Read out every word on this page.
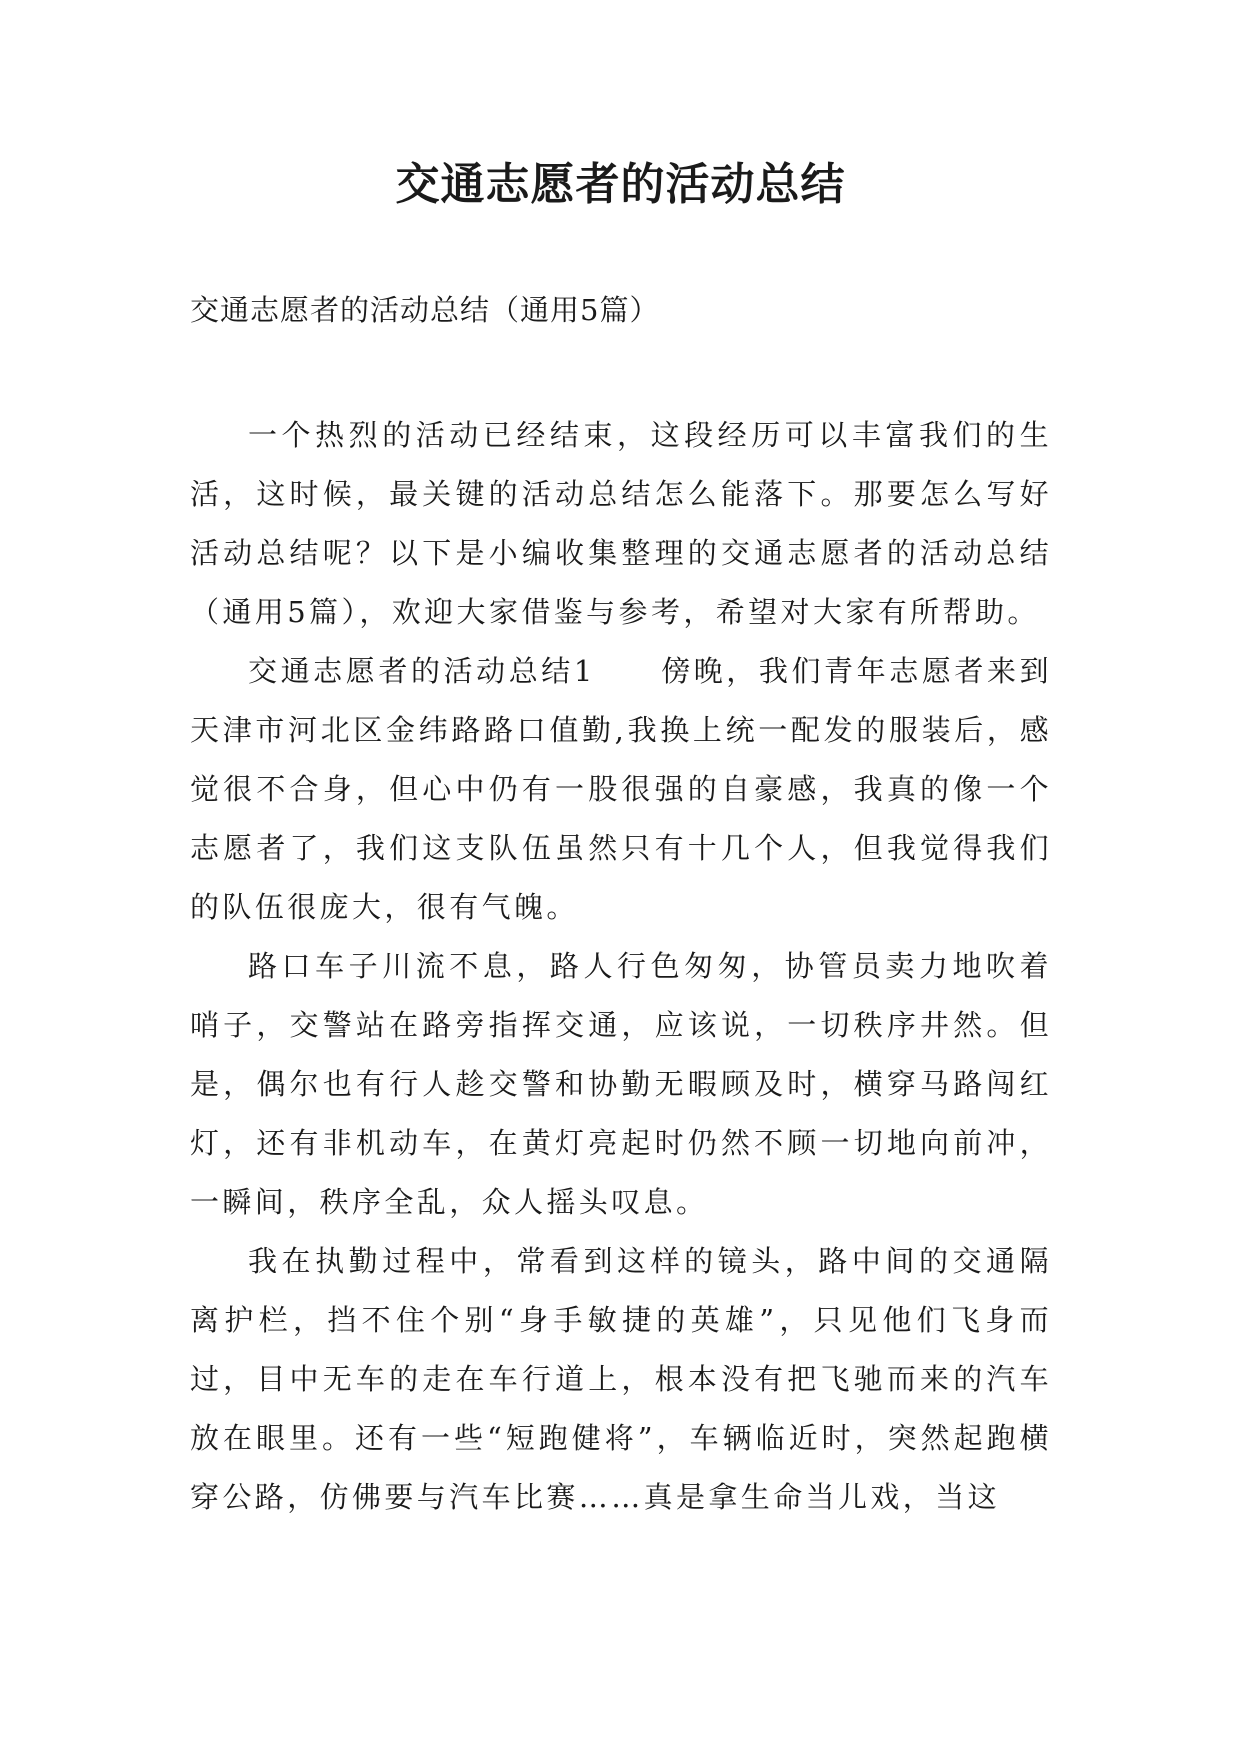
交通志愿者的活动总结
交通志愿者的活动总结（通用5篇）

一个热烈的活动已经结束，这段经历可以丰富我们的生活，这时候，最关键的活动总结怎么能落下。那要怎么写好活动总结呢？以下是小编收集整理的交通志愿者的活动总结（通用5篇），欢迎大家借鉴与参考，希望对大家有所帮助。

交通志愿者的活动总结1　　傍晚，我们青年志愿者来到天津市河北区金纬路路口值勤,我换上统一配发的服装后，感觉很不合身，但心中仍有一股很强的自豪感，我真的像一个志愿者了，我们这支队伍虽然只有十几个人，但我觉得我们的队伍很庞大，很有气魄。

路口车子川流不息，路人行色匆匆，协管员卖力地吹着哨子，交警站在路旁指挥交通，应该说，一切秩序井然。但是，偶尔也有行人趁交警和协勤无暇顾及时，横穿马路闯红灯，还有非机动车，在黄灯亮起时仍然不顾一切地向前冲，一瞬间，秩序全乱，众人摇头叹息。

我在执勤过程中，常看到这样的镜头，路中间的交通隔离护栏，挡不住个别“身手敏捷的英雄”，只见他们飞身而过，目中无车的走在车行道上，根本没有把飞驰而来的汽车放在眼里。还有一些“短跑健将”，车辆临近时，突然起跑横穿公路，仿佛要与汽车比赛……真是拿生命当儿戏，当这
